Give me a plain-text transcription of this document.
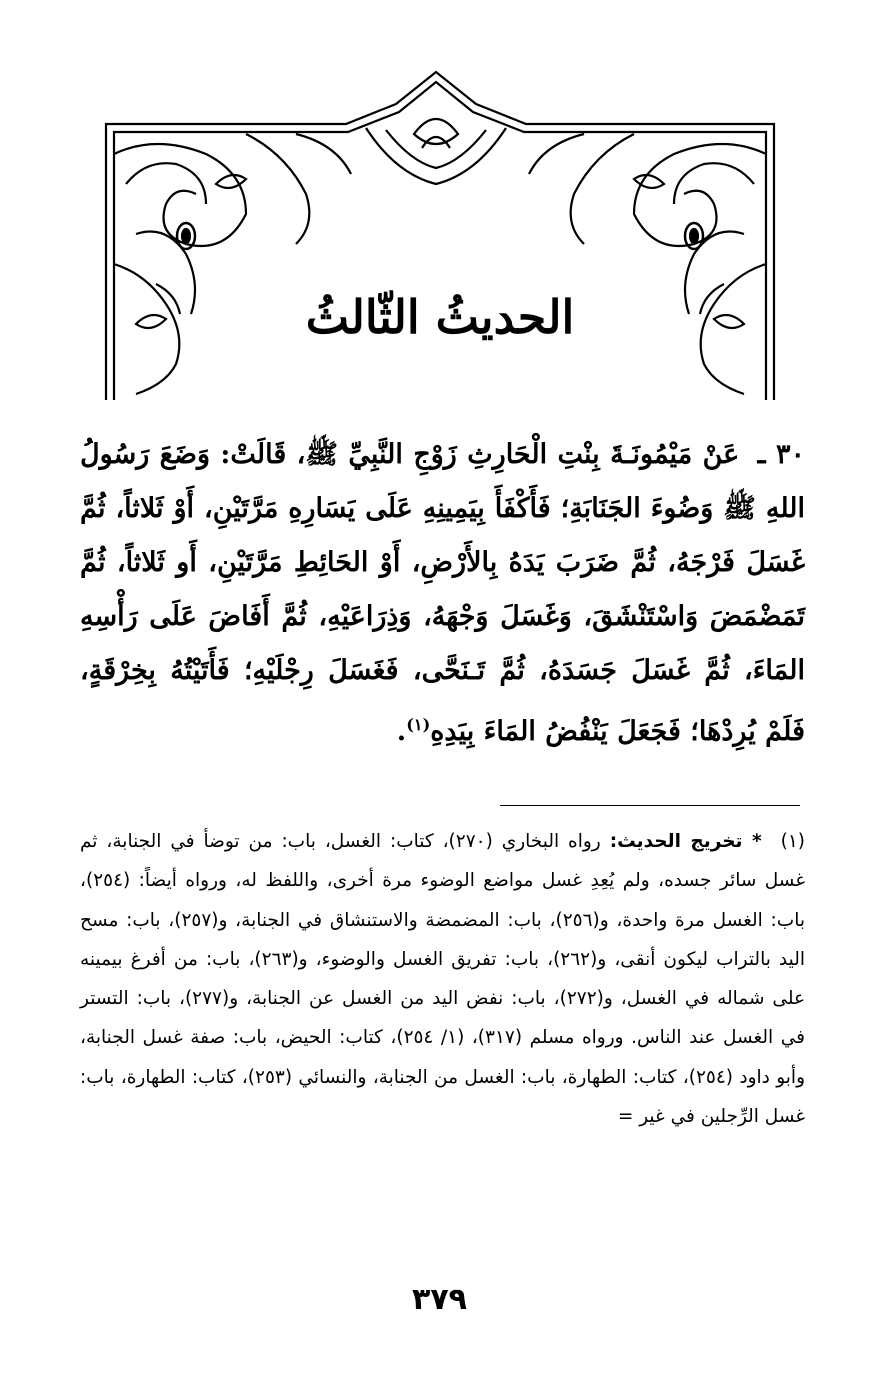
الحديثُ الثّالثُ
٣٠ ـ عَنْ مَيْمُونَـةَ بِنْتِ الْحَارِثِ زَوْجِ النَّبِيِّ ﷺ، قَالَتْ: وَضَعَ رَسُولُ اللهِ ﷺ وَضُوءَ الجَنَابَةِ؛ فَأَكْفَأَ بِيَمِينِهِ عَلَى يَسَارِهِ مَرَّتَيْنِ، أَوْ ثَلاثاً، ثُمَّ غَسَلَ فَرْجَهُ، ثُمَّ ضَرَبَ يَدَهُ بِالأَرْضِ، أَوْ الحَائِطِ مَرَّتَيْنِ، أَو ثَلاثاً، ثُمَّ تَمَضْمَضَ وَاسْتَنْشَقَ، وَغَسَلَ وَجْهَهُ، وَذِرَاعَيْهِ، ثُمَّ أَفَاضَ عَلَى رَأْسِهِ المَاءَ، ثُمَّ غَسَلَ جَسَدَهُ، ثُمَّ تَـنَحَّى، فَغَسَلَ رِجْلَيْهِ؛ فَأَتَيْتُهُ بِخِرْقَةٍ، فَلَمْ يُرِدْهَا؛ فَجَعَلَ يَنْفُضُ المَاءَ بِيَدِهِ$^{(١)}$.
(١) * تخريج الحديث: رواه البخاري (٢٧٠)، كتاب: الغسل، باب: من توضأ في الجنابة، ثم غسل سائر جسده، ولم يُعِدِ غسل مواضع الوضوء مرة أخرى، واللفظ له، ورواه أيضاً: (٢٥٤)، باب: الغسل مرة واحدة، و(٢٥٦)، باب: المضمضة والاستنشاق في الجنابة، و(٢٥٧)، باب: مسح اليد بالتراب ليكون أنقى، و(٢٦٢)، باب: تفريق الغسل والوضوء، و(٢٦٣)، باب: من أفرغ بيمينه على شماله في الغسل، و(٢٧٢)، باب: نفض اليد من الغسل عن الجنابة، و(٢٧٧)، باب: التستر في الغسل عند الناس. ورواه مسلم (٣١٧)، (١/ ٢٥٤)، كتاب: الحيض، باب: صفة غسل الجنابة، وأبو داود (٢٥٤)، كتاب: الطهارة، باب: الغسل من الجنابة، والنسائي (٢٥٣)، كتاب: الطهارة، باب: غسل الرِّجلين في غير =
٣٧٩
